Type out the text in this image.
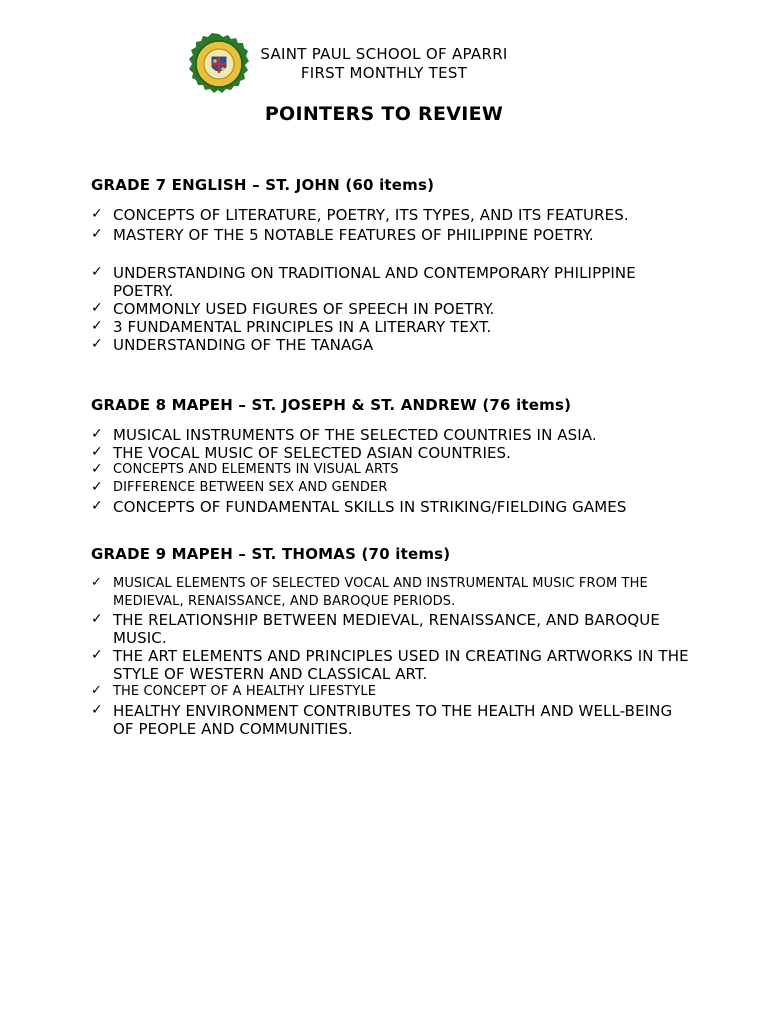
SAINT PAUL SCHOOL OF APARRI
FIRST MONTHLY TEST
POINTERS TO REVIEW
GRADE 7 ENGLISH – ST. JOHN (60 items)
✓ CONCEPTS OF LITERATURE, POETRY, ITS TYPES, AND ITS FEATURES.
✓ MASTERY OF THE 5 NOTABLE FEATURES OF PHILIPPINE POETRY.
✓ UNDERSTANDING ON TRADITIONAL AND CONTEMPORARY PHILIPPINE POETRY.
✓ COMMONLY USED FIGURES OF SPEECH IN POETRY.
✓ 3 FUNDAMENTAL PRINCIPLES IN A LITERARY TEXT.
✓ UNDERSTANDING OF THE TANAGA
GRADE 8 MAPEH – ST. JOSEPH & ST. ANDREW (76 items)
✓ MUSICAL INSTRUMENTS OF THE SELECTED COUNTRIES IN ASIA.
✓ THE VOCAL MUSIC OF SELECTED ASIAN COUNTRIES.
✓ CONCEPTS AND ELEMENTS IN VISUAL ARTS
✓ DIFFERENCE BETWEEN SEX AND GENDER
✓ CONCEPTS OF FUNDAMENTAL SKILLS IN STRIKING/FIELDING GAMES
GRADE 9 MAPEH – ST. THOMAS (70 items)
✓ MUSICAL ELEMENTS OF SELECTED VOCAL AND INSTRUMENTAL MUSIC FROM THE MEDIEVAL, RENAISSANCE, AND BAROQUE PERIODS.
✓ THE RELATIONSHIP BETWEEN MEDIEVAL, RENAISSANCE, AND BAROQUE MUSIC.
✓ THE ART ELEMENTS AND PRINCIPLES USED IN CREATING ARTWORKS IN THE STYLE OF WESTERN AND CLASSICAL ART.
✓ THE CONCEPT OF A HEALTHY LIFESTYLE
✓ HEALTHY ENVIRONMENT CONTRIBUTES TO THE HEALTH AND WELL-BEING OF PEOPLE AND COMMUNITIES.
